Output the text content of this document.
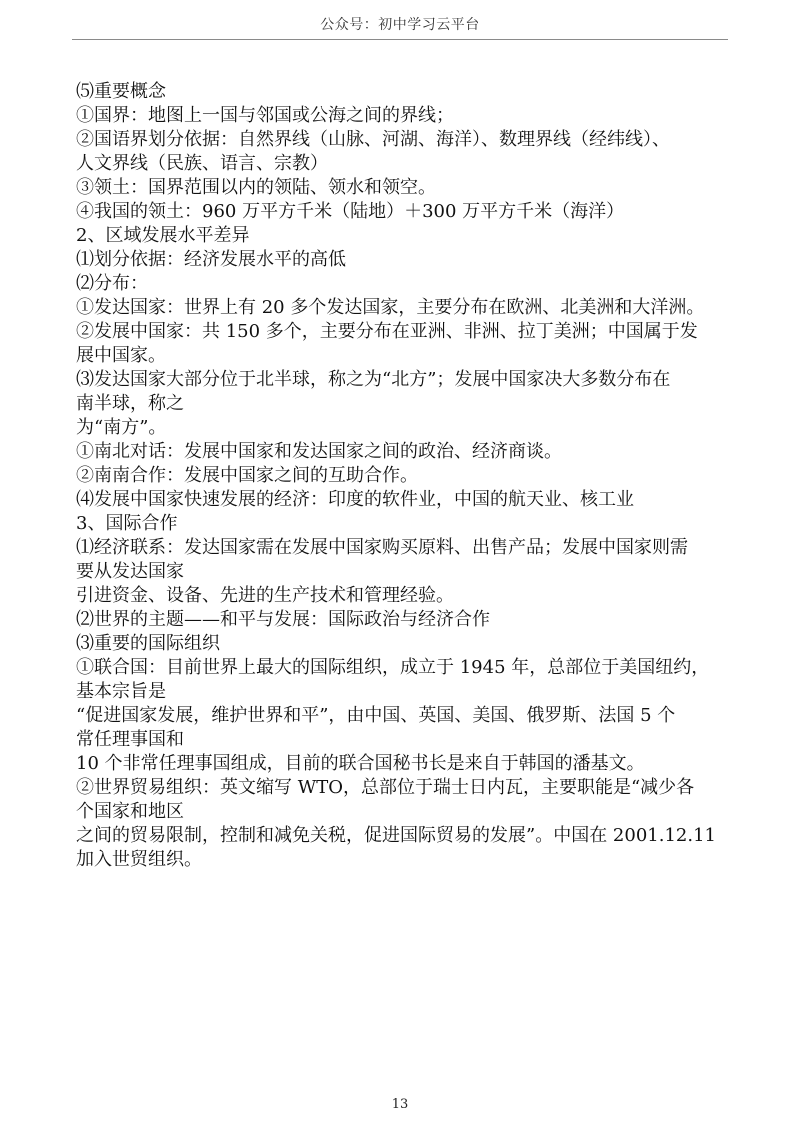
公众号：初中学习云平台

⑸重要概念

①国界：地图上一国与邻国或公海之间的界线；

②国语界划分依据：自然界线（山脉、河湖、海洋）、数理界线（经纬线）、

人文界线（民族、语言、宗教）

③领土：国界范围以内的领陆、领水和领空。

④我国的领土：960 万平方千米（陆地）＋300 万平方千米（海洋）

2、区域发展水平差异

⑴划分依据：经济发展水平的高低

⑵分布：

①发达国家：世界上有 20 多个发达国家，主要分布在欧洲、北美洲和大洋洲。

②发展中国家：共 150 多个，主要分布在亚洲、非洲、拉丁美洲；中国属于发

展中国家。

⑶发达国家大部分位于北半球，称之为“北方”；发展中国家决大多数分布在

南半球，称之

为“南方”。

①南北对话：发展中国家和发达国家之间的政治、经济商谈。

②南南合作：发展中国家之间的互助合作。

⑷发展中国家快速发展的经济：印度的软件业，中国的航天业、核工业

3、国际合作

⑴经济联系：发达国家需在发展中国家购买原料、出售产品；发展中国家则需

要从发达国家

引进资金、设备、先进的生产技术和管理经验。

⑵世界的主题——和平与发展：国际政治与经济合作

⑶重要的国际组织

①联合国：目前世界上最大的国际组织，成立于 1945 年，总部位于美国纽约，

基本宗旨是

“促进国家发展，维护世界和平”，由中国、英国、美国、俄罗斯、法国 5 个

常任理事国和

10 个非常任理事国组成，目前的联合国秘书长是来自于韩国的潘基文。

②世界贸易组织：英文缩写 WTO，总部位于瑞士日内瓦，主要职能是“减少各

个国家和地区

之间的贸易限制，控制和减免关税，促进国际贸易的发展”。中国在 2001.12.11

加入世贸组织。

13
